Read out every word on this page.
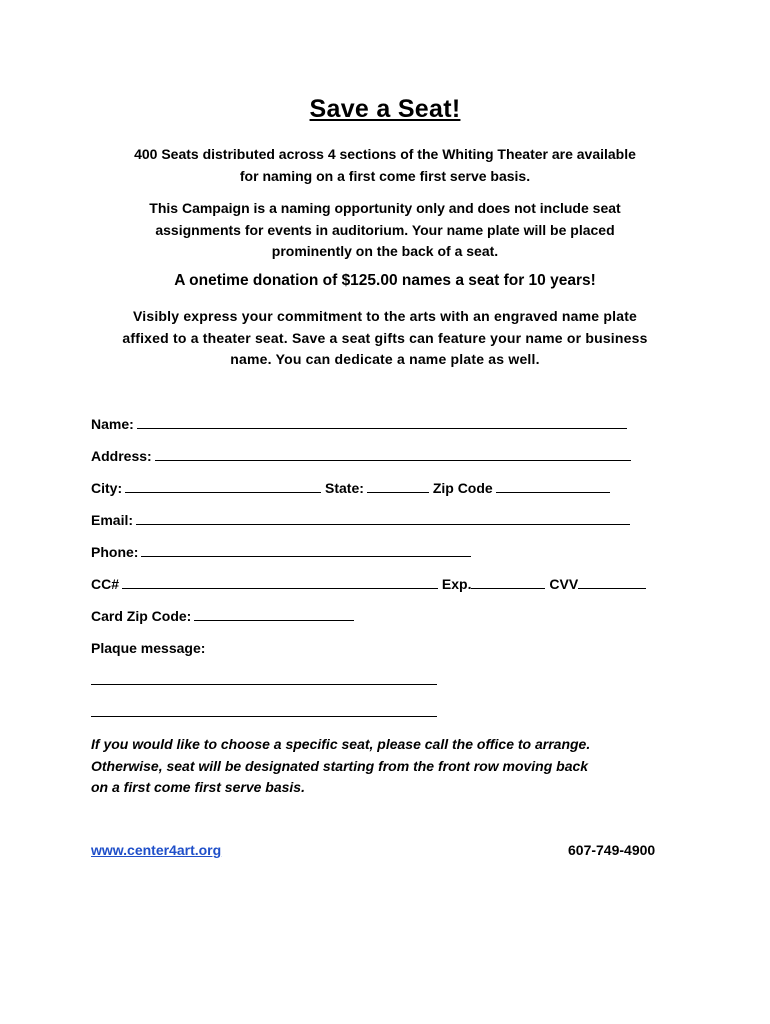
Save a Seat!
400 Seats distributed across 4 sections of the Whiting Theater are available
for naming on a first come first serve basis.
This Campaign is a naming opportunity only and does not include seat
assignments for events in auditorium. Your name plate will be placed
prominently on the back of a seat.
A onetime donation of $125.00 names a seat for 10 years!
Visibly express your commitment to the arts with an engraved name plate
affixed to a theater seat. Save a seat gifts can feature your name or business
name. You can dedicate a name plate as well.
Name:
Address:
City:	State:	Zip Code
Email:
Phone:
CC#	Exp.	CVV
Card Zip Code:
Plaque message:
If you would like to choose a specific seat, please call the office to arrange.
Otherwise, seat will be designated starting from the front row moving back
on a first come first serve basis.
www.center4art.org	607-749-4900
